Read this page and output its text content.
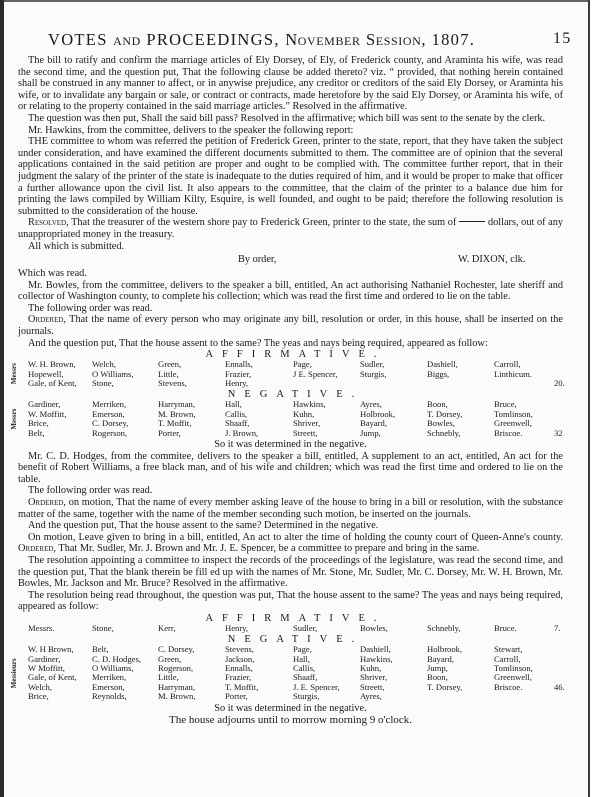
VOTES and PROCEEDINGS, November Session, 1807.	15

The bill to ratify and confirm the marriage articles of Ely Dorsey, of Ely, of Frederick county, and Araminta his wife, was read the second time, and the question put, That the following clause be added thereto? viz. “ provided, that nothing herein contained shall be construed in any manner to affect, or in anywise prejudice, any creditor or creditors of the said Ely Dorsey, or Araminta his wife, or to invalidate any bargain or sale, or contract or contracts, made heretofore by the said Ely Dorsey, or Araminta his wife, of or relating to the property contained in the said marriage articles.” Resolved in the affirmative.

The question was then put, Shall the said bill pass? Resolved in the affirmative; which bill was sent to the senate by the clerk.

Mr. Hawkins, from the committee, delivers to the speaker the following report:

THE committee to whom was referred the petition of Frederick Green, printer to the state, report, that they have taken the subject under consideration, and have examined the different documents submitted to them. The committee are of opinion that the several applications contained in the said petition are proper and ought to be complied with. The committee further report, that in their judgment the salary of the printer of the state is inadequate to the duties required of him, and it would be proper to make that officer a further allowance upon the civil list. It also appears to the committee, that the claim of the printer to a balance due him for printing the laws compiled by William Kilty, Esquire, is well founded, and ought to be paid; therefore the following resolution is submitted to the consideration of the house.

Resolved, That the treasurer of the western shore pay to Frederick Green, printer to the state, the sum of	dollars, out of any unappropriated money in the treasury.

All which is submitted.

By order,	W. DIXON, clk.

Which was read.

Mr. Bowles, from the committee, delivers to the speaker a bill, entitled, An act authorising Nathaniel Rochester, late sheriff and collector of Washington county, to complete his collection; which was read the first time and ordered to lie on the table.

The following order was read.

Ordered, That the name of every person who may originate any bill, resolution or order, in this house, shall be inserted on the journals.

And the question put, That the house assent to the same? The yeas and nays being required, appeared as follow:

AFFIRMATIVE.
W. H. Brown, Welch,	Green,	Ennalls,	Page,	Sudler,	Dashiell,	Carroll,
Hopewell,	O Williams,	Little,	Frazier,	J E. Spencer,	Sturgis,	Biggs,	Linthicum.
Gale, of Kent, Stone,	Stevens,	Henry,	20.
Messrs
NEGATIVE.
Gardiner,	Merriken,	Harryman,	Hall,	Hawkins,	Ayres,	Boon,	Bruce,
W. Moffitt,	Emerson,	M. Brown,	Callis,	Kuhn,	Holbrook,	T. Dorsey,	Tomlinson,
Brice,	C. Dorsey,	T. Moffit,	Shaaff,	Shriver,	Bayard,	Bowles,	Greenwell,
Belt,	Rogerson,	Porter,	J. Brown,	Streett,	Jump,	Schnebly,	Briscoe.	32
Messrs

So it was determined in the negative.

Mr. C. D. Hodges, from the commitee, delivers to the speaker a bill, entitled, A supplement to an act, entitled, An act for the benefit of Robert Williams, a free black man, and of his wife and children; which was read the first time and ordered to lie on the table.

The following order was read.

Ordered, on motion, That the name of every member asking leave of the house to bring in a bill or resolution, with the substance matter of the same, together with the name of the member seconding such motion, be inserted on the journals.

And the question put, That the house assent to the same? Determined in the negative.

On motion, Leave given to bring in a bill, entitled, An act to alter the time of holding the county court of Queen-Anne's county. Ordered, That Mr. Sudler, Mr. J. Brown and Mr. J. E. Spencer, be a committee to prepare and bring in the same.

The resolution appointing a committee to inspect the records of the proceedings of the legislature, was read the second time, and the question put, That the blank therein be fill ed up with the names of Mr. Stone, Mr. Sudler, Mr. C. Dorsey, Mr. W. H. Brown, Mr. Bowles, Mr. Jackson and Mr. Bruce? Resolved in the affirmative.

The resolution being read throughout, the question was put, That the house assent to the same? The yeas and nays being required, appeared as follow:

AFFIRMATIVE.
Messrs.	Stone,	Kerr,	Henry,	Sudler,	Bowles,	Schnebly,	Bruce.	7.
NEGATIVE.
W. H Brown, Belt,	C. Dorsey,	Stevens,	Page,	Dashiell,	Holbrook,	Stewart,
Gardiner,	C. D. Hodges, Green,	Jackson,	Hall,	Hawkins,	Bayard,	Carroll,
W Moffitt,	O Williams,	Rogerson,	Ennalls,	Callis,	Kuhn,	Jump,	Tomlinson,
Gale, of Kent, Merriken,	Little,	Frazier,	Shaaff,	Shriver,	Boon,	Greenwell,
Welch,	Emerson,	Harryman,	T. Moffit,	J. E. Spencer, Streett,	T. Dorsey,	Briscoe.	46.
Brice,	Reynolds,	M. Brown,	Porter,	Sturgis,	Ayres,
Messieurs

So it was determined in the negative.

The house adjourns until to morrow morning 9 o'clock.
